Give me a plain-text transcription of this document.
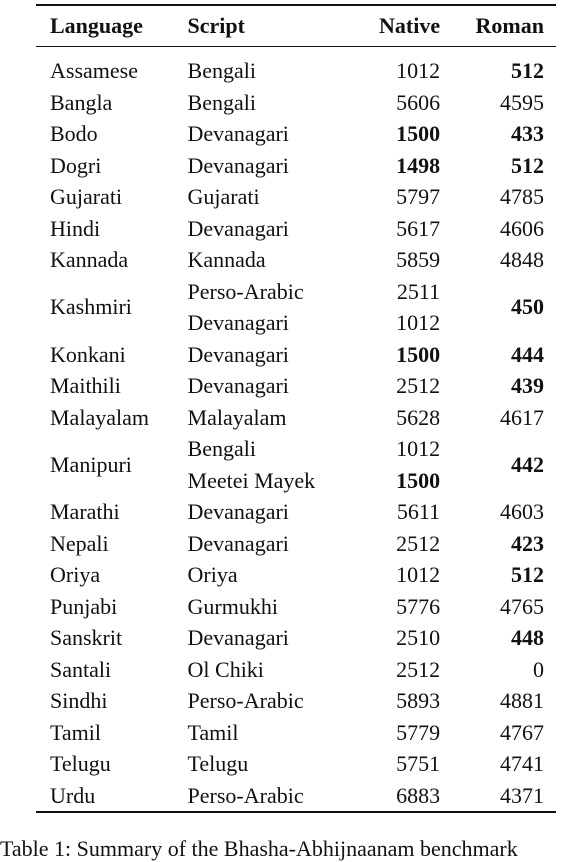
Language	Script	Native	Roman
Assamese	Bengali	1012	512
Bangla	Bengali	5606	4595
Bodo	Devanagari	1500	433
Dogri	Devanagari	1498	512
Gujarati	Gujarati	5797	4785
Hindi	Devanagari	5617	4606
Kannada	Kannada	5859	4848
Kashmiri	Perso-Arabic	2511	450
	Devanagari	1012	
Konkani	Devanagari	1500	444
Maithili	Devanagari	2512	439
Malayalam	Malayalam	5628	4617
Manipuri	Bengali	1012	442
	Meetei Mayek	1500	
Marathi	Devanagari	5611	4603
Nepali	Devanagari	2512	423
Oriya	Oriya	1012	512
Punjabi	Gurmukhi	5776	4765
Sanskrit	Devanagari	2510	448
Santali	Ol Chiki	2512	0
Sindhi	Perso-Arabic	5893	4881
Tamil	Tamil	5779	4767
Telugu	Telugu	5751	4741
Urdu	Perso-Arabic	6883	4371
Table 1: Summary of the Bhasha-Abhijnaanam benchmark
